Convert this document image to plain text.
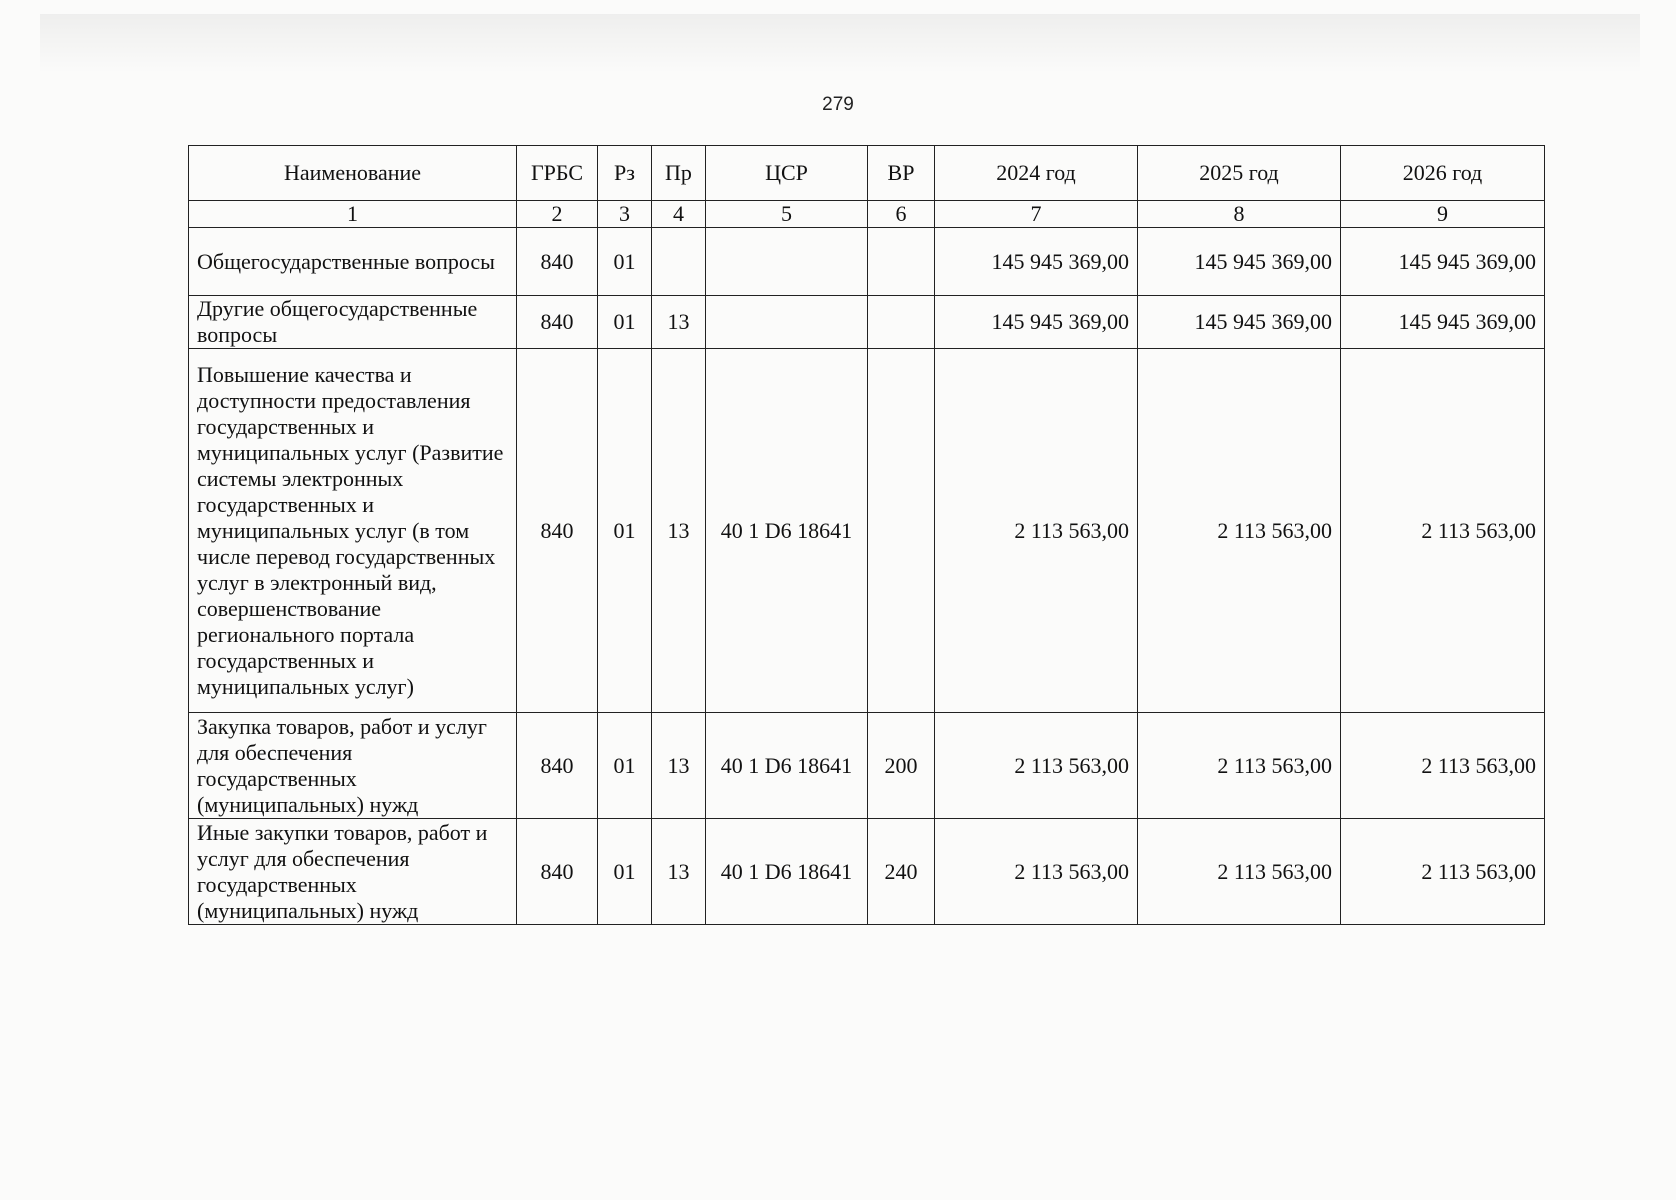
279
Наименование	ГРБС	Рз	Пр	ЦСР	ВР	2024 год	2025 год	2026 год
1	2	3	4	5	6	7	8	9
Общегосударственные вопросы	840	01				145 945 369,00	145 945 369,00	145 945 369,00
Другие общегосударственные вопросы	840	01	13			145 945 369,00	145 945 369,00	145 945 369,00
Повышение качества и доступности предоставления государственных и муниципальных услуг (Развитие системы электронных государственных и муниципальных услуг (в том числе перевод государственных услуг в электронный вид, совершенствование регионального портала государственных и муниципальных услуг)	840	01	13	40 1 D6 18641		2 113 563,00	2 113 563,00	2 113 563,00
Закупка товаров, работ и услуг для обеспечения государственных (муниципальных) нужд	840	01	13	40 1 D6 18641	200	2 113 563,00	2 113 563,00	2 113 563,00
Иные закупки товаров, работ и услуг для обеспечения государственных (муниципальных) нужд	840	01	13	40 1 D6 18641	240	2 113 563,00	2 113 563,00	2 113 563,00
